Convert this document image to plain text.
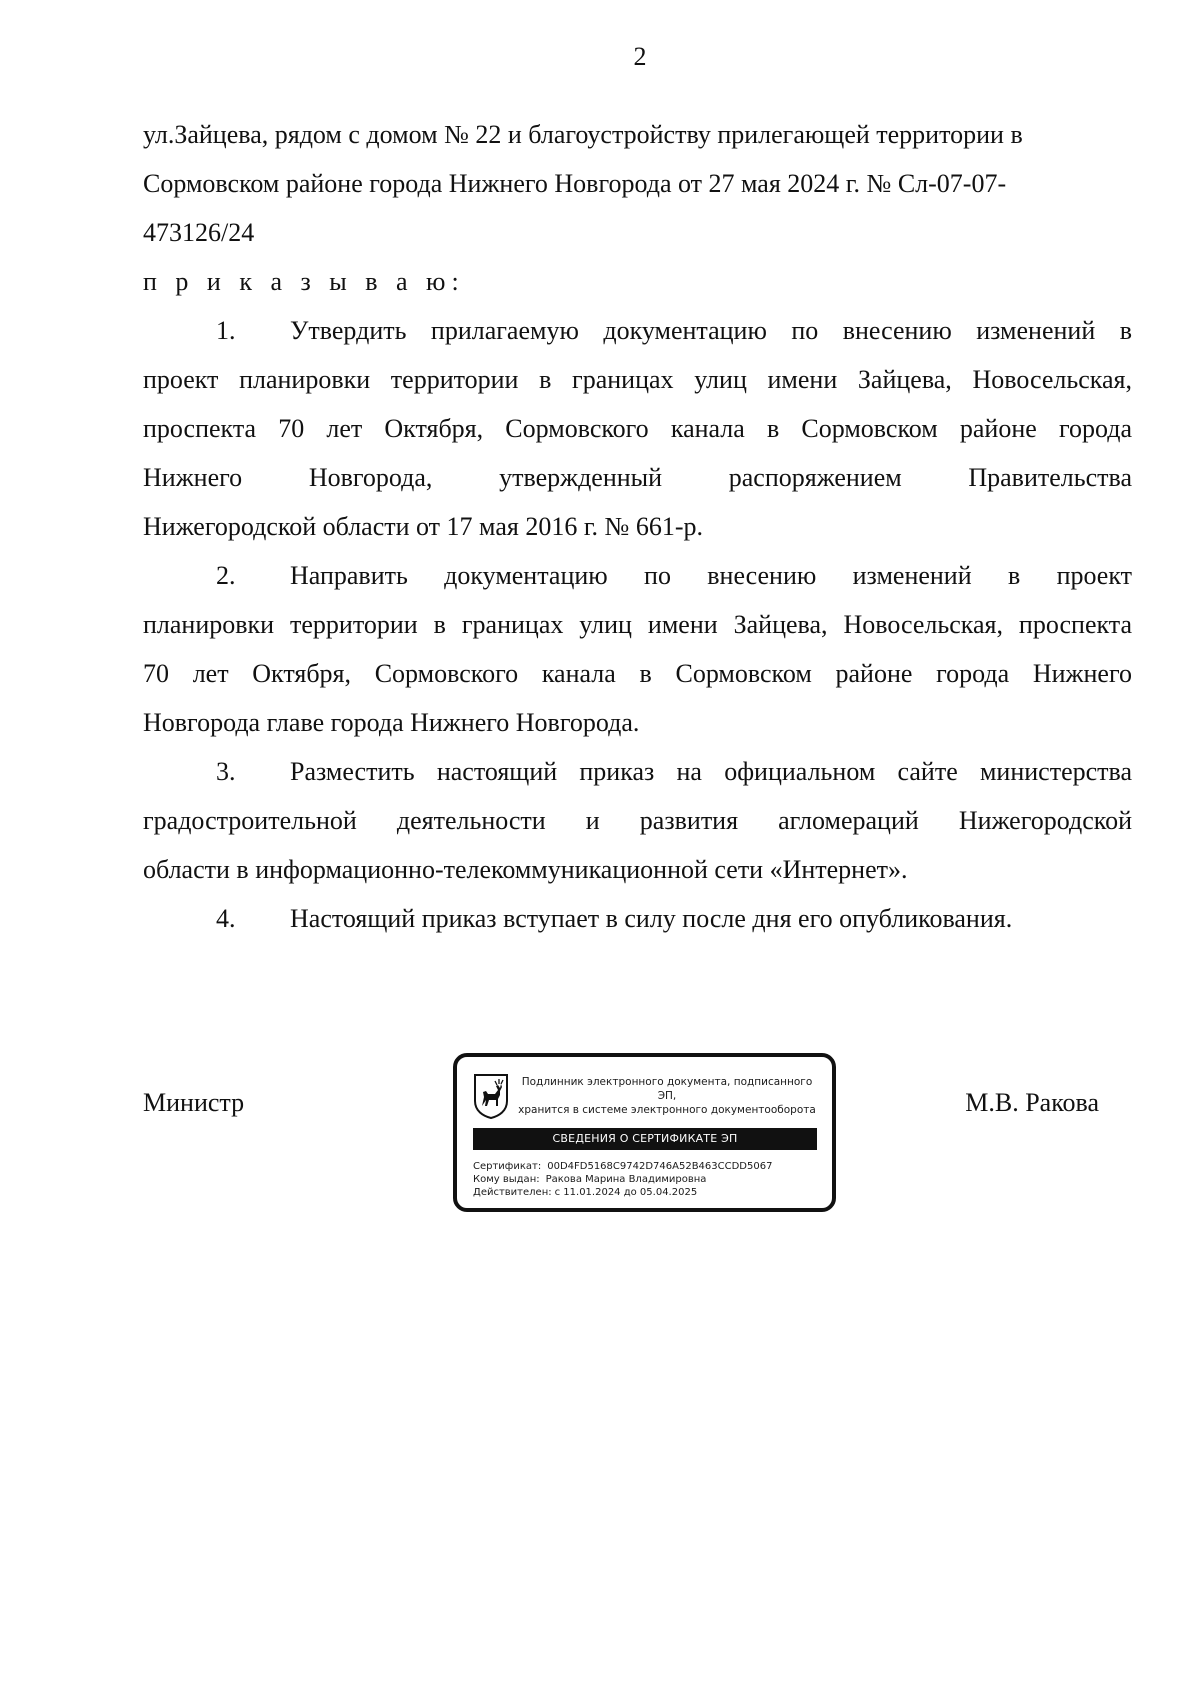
2
ул.Зайцева, рядом с домом № 22 и благоустройству прилегающей территории в
Сормовском районе города Нижнего Новгорода от 27 мая 2024 г. № Сл-07-07-
473126/24
п р и к а з ы в а ю:
1. Утвердить прилагаемую документацию по внесению изменений в
проект планировки территории в границах улиц имени Зайцева, Новосельская,
проспекта 70 лет Октября, Сормовского канала в Сормовском районе города
Нижнего Новгорода, утвержденный распоряжением Правительства
Нижегородской области от 17 мая 2016 г. № 661-р.
2. Направить документацию по внесению изменений в проект
планировки территории в границах улиц имени Зайцева, Новосельская, проспекта
70 лет Октября, Сормовского канала в Сормовском районе города Нижнего
Новгорода главе города Нижнего Новгорода.
3. Разместить настоящий приказ на официальном сайте министерства
градостроительной деятельности и развития агломераций Нижегородской
области в информационно-телекоммуникационной сети «Интернет».
4. Настоящий приказ вступает в силу после дня его опубликования.
Министр	М.В. Ракова
Подлинник электронного документа, подписанного ЭП,
хранится в системе электронного документооборота
СВЕДЕНИЯ О СЕРТИФИКАТЕ ЭП
Сертификат: 00D4FD5168C9742D746A52B463CCDD5067
Кому выдан: Ракова Марина Владимировна
Действителен: с 11.01.2024 до 05.04.2025
